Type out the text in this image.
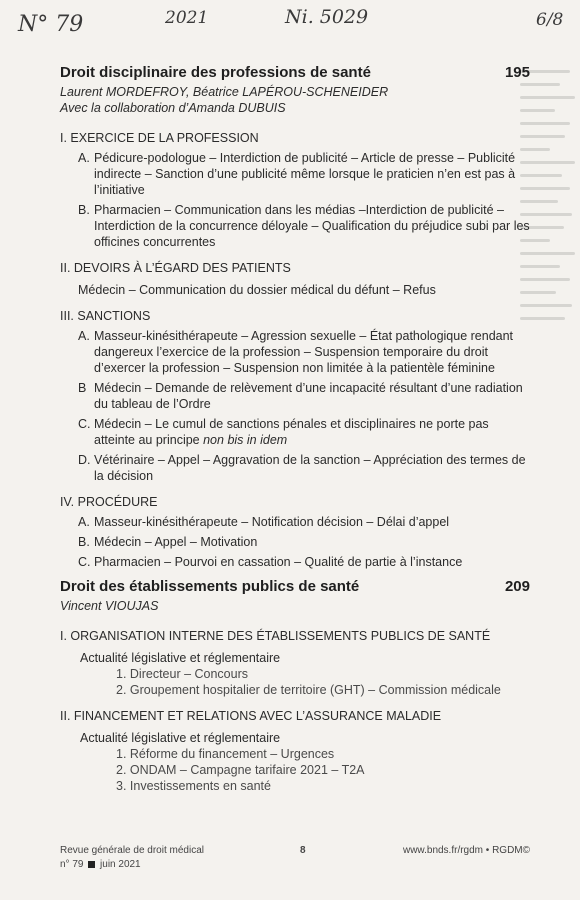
N° 79	2021	Ni. 5029	6/8
Droit disciplinaire des professions de santé	195
Laurent MORDEFROY, Béatrice LAPÉROU-SCHENEIDER
Avec la collaboration d’Amanda DUBUIS
I. EXERCICE DE LA PROFESSION
A. Pédicure-podologue – Interdiction de publicité – Article de presse – Publicité indirecte – Sanction d’une publicité même lorsque le praticien n’en est pas à l’initiative
B. Pharmacien – Communication dans les médias –Interdiction de publicité – Interdiction de la concurrence déloyale – Qualification du préjudice subi par les officines concurrentes
II. DEVOIRS À L’ÉGARD DES PATIENTS
Médecin – Communication du dossier médical du défunt – Refus
III. SANCTIONS
A. Masseur-kinésithérapeute – Agression sexuelle – État pathologique rendant dangereux l’exercice de la profession – Suspension temporaire du droit d’exercer la profession – Suspension non limitée à la patientèle féminine
B Médecin – Demande de relèvement d’une incapacité résultant d’une radiation du tableau de l’Ordre
C. Médecin – Le cumul de sanctions pénales et disciplinaires ne porte pas atteinte au principe non bis in idem
D. Vétérinaire – Appel – Aggravation de la sanction – Appréciation des termes de la décision
IV. PROCÉDURE
A. Masseur-kinésithérapeute – Notification décision – Délai d’appel
B. Médecin – Appel – Motivation
C. Pharmacien – Pourvoi en cassation – Qualité de partie à l’instance
Droit des établissements publics de santé	209
Vincent VIOUJAS
I. ORGANISATION INTERNE DES ÉTABLISSEMENTS PUBLICS DE SANTÉ
Actualité législative et réglementaire
1. Directeur – Concours
2. Groupement hospitalier de territoire (GHT) – Commission médicale
II. FINANCEMENT ET RELATIONS AVEC L’ASSURANCE MALADIE
Actualité législative et réglementaire
1. Réforme du financement – Urgences
2. ONDAM – Campagne tarifaire 2021 – T2A
3. Investissements en santé
Revue générale de droit médical	8	www.bnds.fr/rgdm • RGDM©
n° 79 juin 2021
